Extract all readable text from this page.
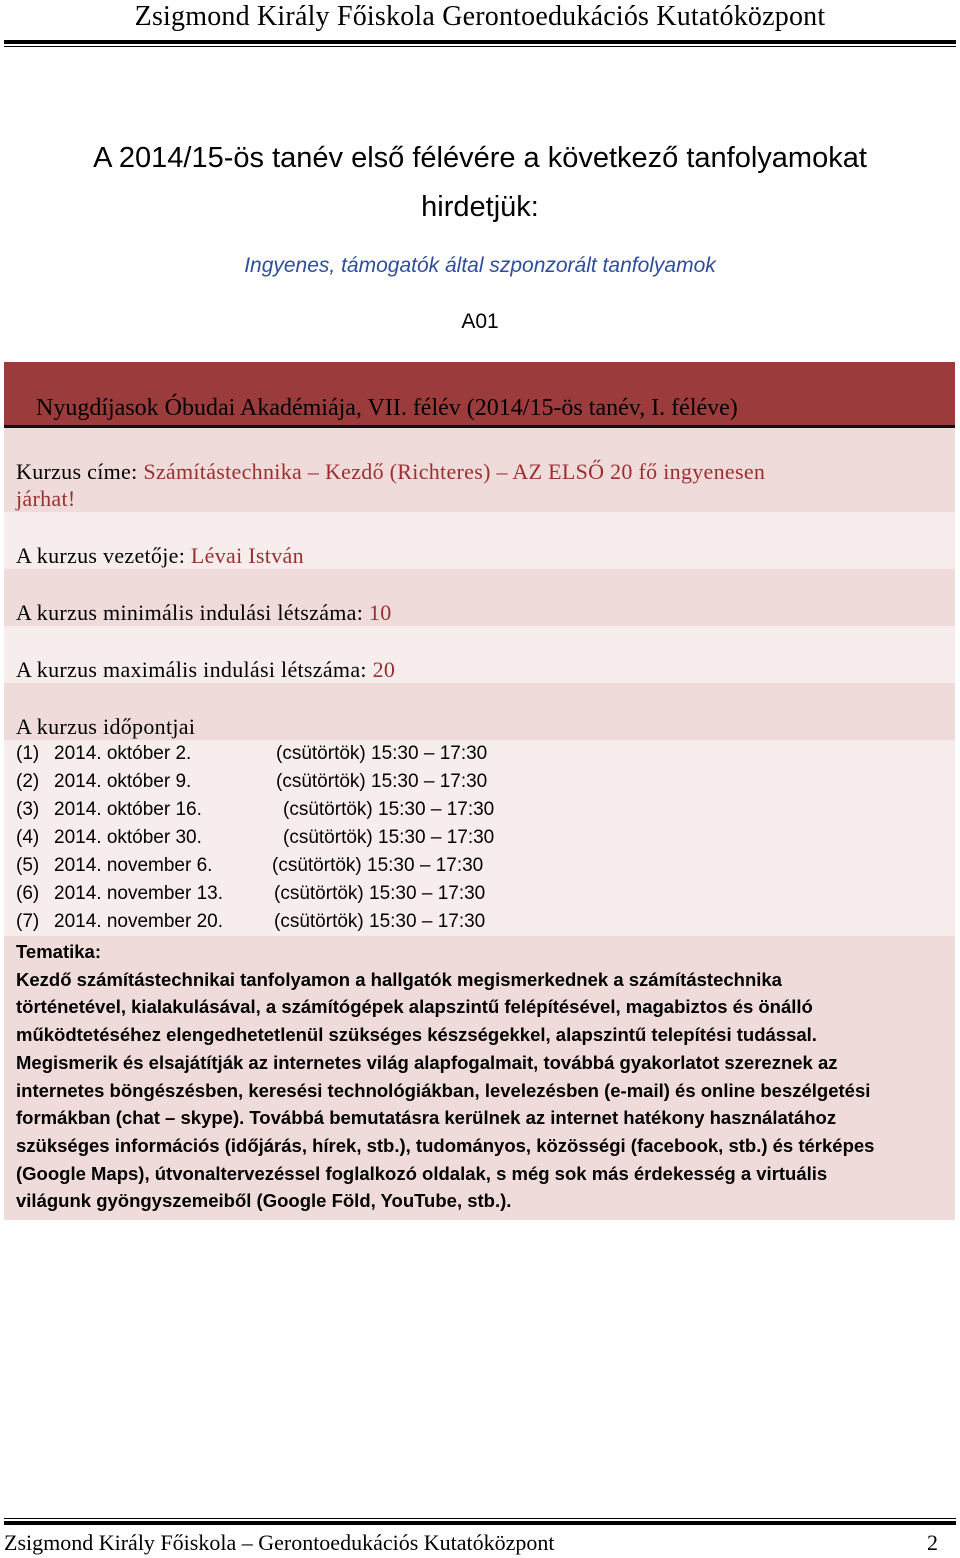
Zsigmond Király Főiskola Gerontoedukációs Kutatóközpont
A 2014/15-ös tanév első félévére a következő tanfolyamokat
hirdetjük:
Ingyenes, támogatók által szponzorált tanfolyamok
A01
Nyugdíjasok Óbudai Akadémiája, VII. félév (2014/15-ös tanév, I. féléve)
Kurzus címe: Számítástechnika – Kezdő (Richteres) – AZ ELSŐ 20 fő ingyenesen
járhat!
A kurzus vezetője: Lévai István
A kurzus minimális indulási létszáma: 10
A kurzus maximális indulási létszáma: 20
A kurzus időpontjai
(1) 2014. október 2.	(csütörtök) 15:30 – 17:30
(2) 2014. október 9.	(csütörtök) 15:30 – 17:30
(3) 2014. október 16.	(csütörtök) 15:30 – 17:30
(4) 2014. október 30.	(csütörtök) 15:30 – 17:30
(5) 2014. november 6.	(csütörtök) 15:30 – 17:30
(6) 2014. november 13.	(csütörtök) 15:30 – 17:30
(7) 2014. november 20.	(csütörtök) 15:30 – 17:30
Tematika:
Kezdő számítástechnikai tanfolyamon a hallgatók megismerkednek a számítástechnika
történetével, kialakulásával, a számítógépek alapszintű felépítésével, magabiztos és önálló
működtetéséhez elengedhetetlenül szükséges készségekkel, alapszintű telepítési tudással.
Megismerik és elsajátítják az internetes világ alapfogalmait, továbbá gyakorlatot szereznek az
internetes böngészésben, keresési technológiákban, levelezésben (e-mail) és online beszélgetési
formákban (chat – skype). Továbbá bemutatásra kerülnek az internet hatékony használatához
szükséges információs (időjárás, hírek, stb.), tudományos, közösségi (facebook, stb.) és térképes
(Google Maps), útvonaltervezéssel foglalkozó oldalak, s még sok más érdekesség a virtuális
világunk gyöngyszemeiből (Google Föld, YouTube, stb.).
Zsigmond Király Főiskola – Gerontoedukációs Kutatóközpont	2
